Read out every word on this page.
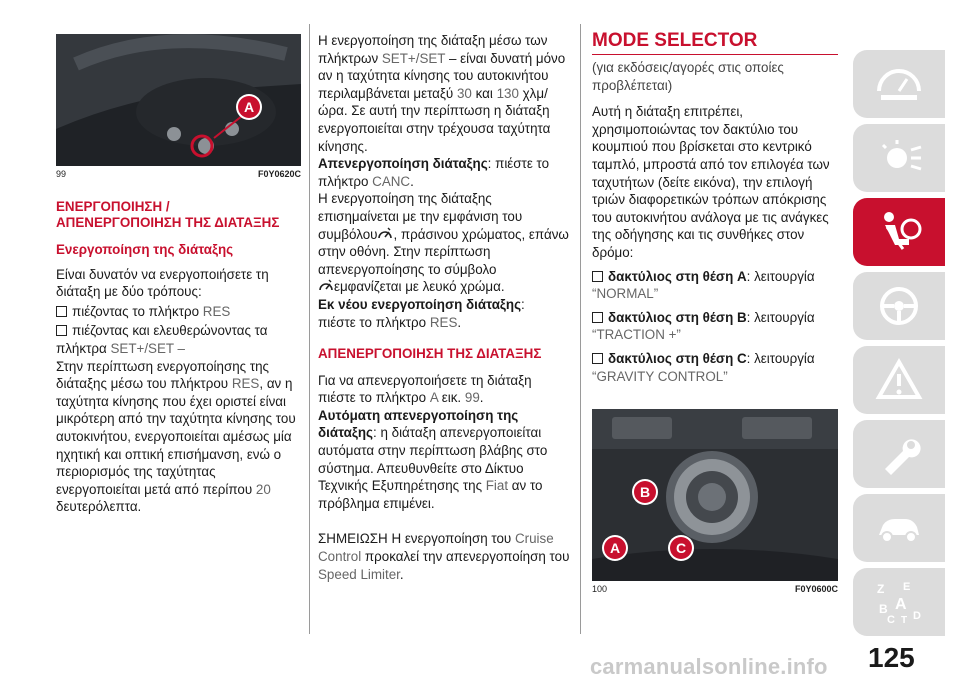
A
99	F0Y0620C

ΕΝΕΡΓΟΠΟΙΗΣΗ /
ΑΠΕΝΕΡΓΟΠΟΙΗΣΗ ΤΗΣ ΔΙΑΤΑΞΗΣ

Ενεργοποίηση της διάταξης

Είναι δυνατόν να ενεργοποιήσετε τη διάταξη με δύο τρόπους:

πιέζοντας το πλήκτρο RES

πιέζοντας και ελευθερώνοντας τα πλήκτρα SET+/SET –

Στην περίπτωση ενεργοποίησης της διάταξης μέσω του πλήκτρου RES, αν η ταχύτητα κίνησης που έχει οριστεί είναι μικρότερη από την ταχύτητα κίνησης του αυτοκινήτου, ενεργοποιείται αμέσως μία ηχητική και οπτική επισήμανση, ενώ ο περιορισμός της ταχύτητας ενεργοποιείται μετά από περίπου 20 δευτερόλεπτα.

Η ενεργοποίηση της διάταξη μέσω των πλήκτρων SET+/SET – είναι δυνατή μόνο αν η ταχύτητα κίνησης του αυτοκινήτου περιλαμβάνεται μεταξύ 30 και 130 χλμ/ώρα. Σε αυτή την περίπτωση η διάταξη ενεργοποιείται στην τρέχουσα ταχύτητα κίνησης.

Απενεργοποίηση διάταξης: πιέστε το πλήκτρο CANC.

Η ενεργοποίηση της διάταξης επισημαίνεται με την εμφάνιση του συμβόλου , πράσινου χρώματος, επάνω στην οθόνη. Στην περίπτωση απενεργοποίησης το σύμβολο
εμφανίζεται με λευκό χρώμα.

Εκ νέου ενεργοποίηση διάταξης:
πιέστε το πλήκτρο RES.

ΑΠΕΝΕΡΓΟΠΟΙΗΣΗ ΤΗΣ ΔΙΑΤΑΞΗΣ

Για να απενεργοποιήσετε τη διάταξη πιέστε το πλήκτρο A εικ. 99.

Αυτόματη απενεργοποίηση της διάταξης: η διάταξη απενεργοποιείται αυτόματα στην περίπτωση βλάβης στο σύστημα. Απευθυνθείτε στο Δίκτυο Τεχνικής Εξυπηρέτησης της Fiat αν το πρόβλημα επιμένει.

ΣΗΜΕΙΩΣΗ Η ενεργοποίηση του Cruise Control προκαλεί την απενεργοποίηση του Speed Limiter.

MODE SELECTOR

(για εκδόσεις/αγορές στις οποίες προβλέπεται)

Αυτή η διάταξη επιτρέπει, χρησιμοποιώντας τον δακτύλιο του κουμπιού που βρίσκεται στο κεντρικό ταμπλό, μπροστά από τον επιλογέα των ταχυτήτων (δείτε εικόνα), την επιλογή τριών διαφορετικών τρόπων απόκρισης του αυτοκινήτου ανάλογα με τις ανάγκες της οδήγησης και τις συνθήκες στον δρόμο:

δακτύλιος στη θέση A: λειτουργία
“NORMAL”

δακτύλιος στη θέση B: λειτουργία
“TRACTION +”

δακτύλιος στη θέση C: λειτουργία
“GRAVITY CONTROL”

B
A	C
100	F0Y0600C	Z E
B A
C T D
carmanualsonline.info 125
